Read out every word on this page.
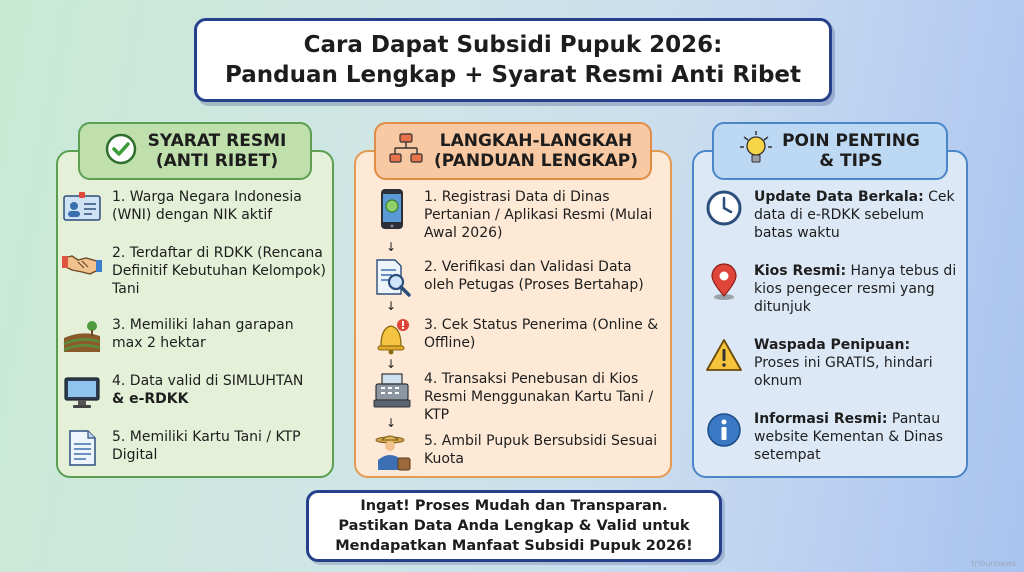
Cara Dapat Subsidi Pupuk 2026:
Panduan Lengkap + Syarat Resmi Anti Ribet
SYARAT RESMI
(ANTI RIBET)
LANGKAH-LANGKAH
(PANDUAN LENGKAP)
POIN PENTING
& TIPS
1. Warga Negara Indonesia (WNI) dengan NIK aktif
2. Terdaftar di RDKK (Rencana Definitif Kebutuhan Kelompok) Tani
3. Memiliki lahan garapan max 2 hektar
4. Data valid di SIMLUHTAN
& e-RDKK
5. Memiliki Kartu Tani / KTP Digital
1. Registrasi Data di Dinas Pertanian / Aplikasi Resmi (Mulai Awal 2026)
↓
2. Verifikasi dan Validasi Data oleh Petugas (Proses Bertahap)
↓
3. Cek Status Penerima (Online & Offline)
↓
4. Transaksi Penebusan di Kios Resmi Menggunakan Kartu Tani / KTP
↓
5. Ambil Pupuk Bersubsidi Sesuai Kuota
Update Data Berkala: Cek data di e-RDKK sebelum batas waktu
Kios Resmi: Hanya tebus di kios pengecer resmi yang ditunjuk
Waspada Penipuan:
Proses ini GRATIS, hindari oknum
Informasi Resmi: Pantau website Kementan & Dinas setempat
Ingat! Proses Mudah dan Transparan.
Pastikan Data Anda Lengkap & Valid untuk
Mendapatkan Manfaat Subsidi Pupuk 2026!
tribunnews
